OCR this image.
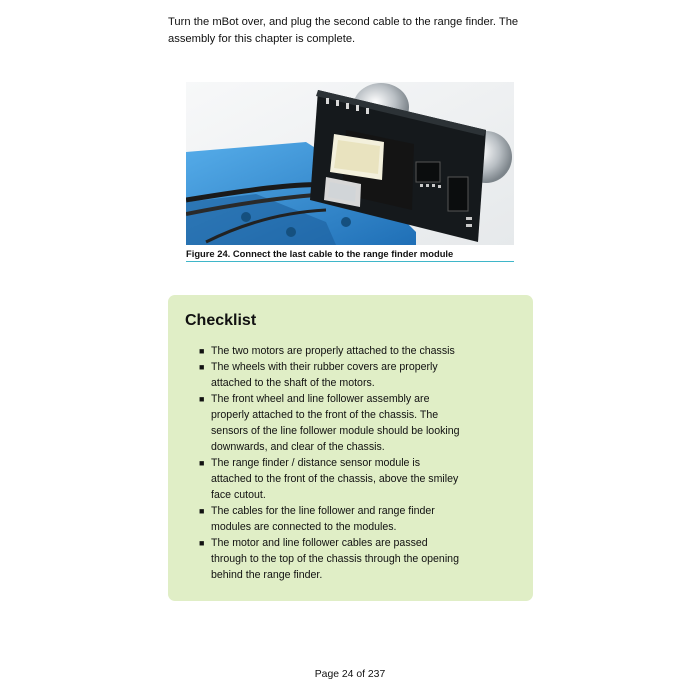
Turn the mBot over, and plug the second cable to the range finder. The assembly for this chapter is complete.

Figure 24. Connect the last cable to the range finder module
Checklist
■ The two motors are properly attached to the chassis
■ The wheels with their rubber covers are properly attached to the shaft of the motors.
■ The front wheel and line follower assembly are properly attached to the front of the chassis. The sensors of the line follower module should be looking downwards, and clear of the chassis.
■ The range finder / distance sensor module is attached to the front of the chassis, above the smiley face cutout.
■ The cables for the line follower and range finder modules are connected to the modules.
■ The motor and line follower cables are passed through to the top of the chassis through the opening behind the range finder.
Page 24 of 237
